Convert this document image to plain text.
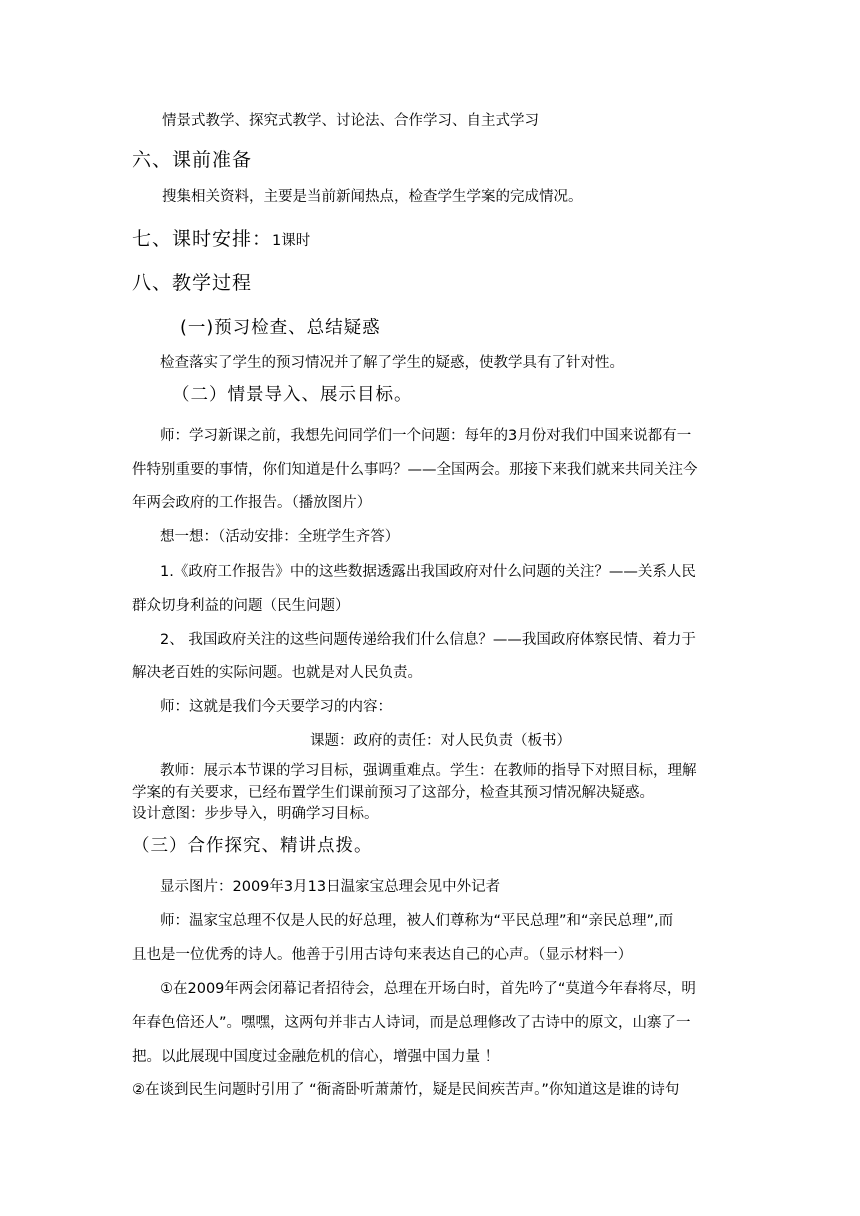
情景式教学、探究式教学、讨论法、合作学习、自主式学习
六、课前准备
搜集相关资料，主要是当前新闻热点，检查学生学案的完成情况。
七、课时安排：1课时
八、教学过程
(一)预习检查、总结疑惑
检查落实了学生的预习情况并了解了学生的疑惑，使教学具有了针对性。
（二）情景导入、展示目标。
师：学习新课之前，我想先问同学们一个问题：每年的3月份对我们中国来说都有一
件特别重要的事情，你们知道是什么事吗？——全国两会。那接下来我们就来共同关注今
年两会政府的工作报告。（播放图片）
想一想：（活动安排：全班学生齐答）
1.《政府工作报告》中的这些数据透露出我国政府对什么问题的关注？——关系人民
群众切身利益的问题（民生问题）
2、 我国政府关注的这些问题传递给我们什么信息？——我国政府体察民情、着力于
解决老百姓的实际问题。也就是对人民负责。
师：这就是我们今天要学习的内容：
课题：政府的责任：对人民负责（板书）
教师：展示本节课的学习目标，强调重难点。学生：在教师的指导下对照目标，理解
学案的有关要求，已经布置学生们课前预习了这部分，检查其预习情况解决疑惑。
设计意图：步步导入，明确学习目标。
（三）合作探究、精讲点拨。
显示图片：2009年3月13日温家宝总理会见中外记者
师：温家宝总理不仅是人民的好总理，被人们尊称为“平民总理”和“亲民总理”,而
且也是一位优秀的诗人。他善于引用古诗句来表达自己的心声。（显示材料一）
①在2009年两会闭幕记者招待会，总理在开场白时，首先吟了“莫道今年春将尽，明
年春色倍还人”。嘿嘿，这两句并非古人诗词，而是总理修改了古诗中的原文，山寨了一
把。以此展现中国度过金融危机的信心，增强中国力量 ！
②在谈到民生问题时引用了 “衙斋卧听萧萧竹，疑是民间疾苦声。”你知道这是谁的诗句
